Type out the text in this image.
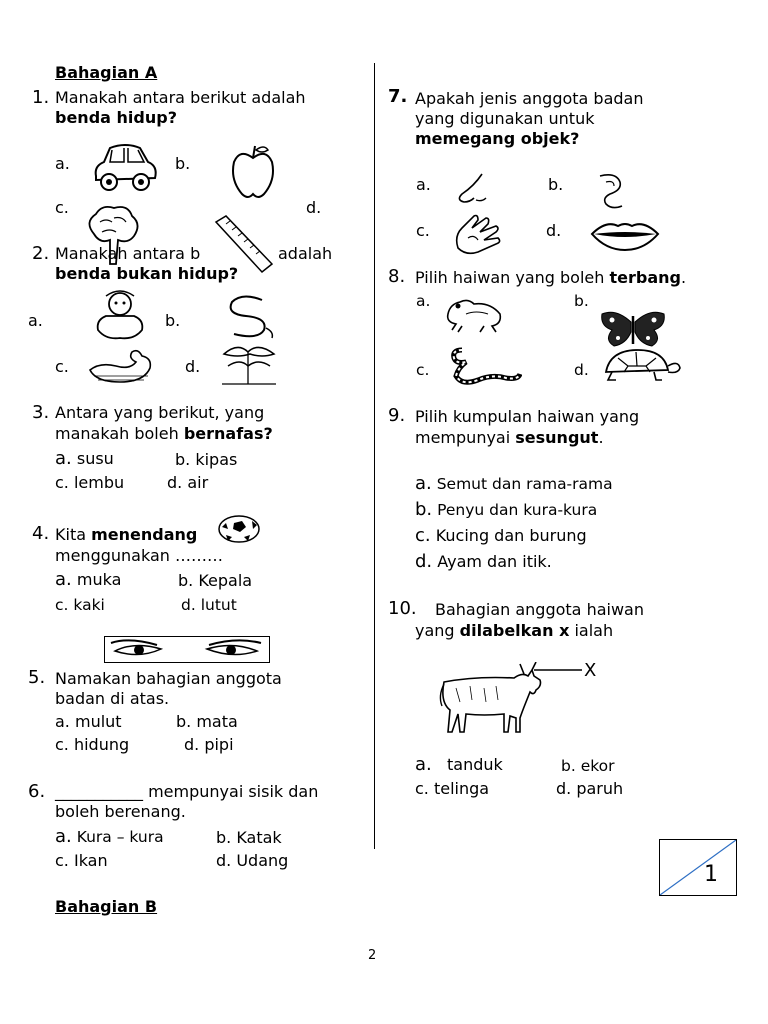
Bahagian A
1. Manakah antara berikut adalah
benda hidup?
a.	b.
c.	d.
2. Manakah antara b	adalah
benda bukan hidup?
a.	b.
c.	d.
3. Antara yang berikut, yang
manakah boleh bernafas?
a. susu	b. kipas
c. lembu	d. air
4. Kita menendang
menggunakan ………
a. muka	b. Kepala
c. kaki	d. lutut
5. Namakan bahagian anggota
badan di atas.
a. mulut	b. mata
c. hidung	d. pipi
6. ___________ mempunyai sisik dan
boleh berenang.
a. Kura – kura	b. Katak
c. Ikan	d. Udang
Bahagian B
7. Apakah jenis anggota badan
yang digunakan untuk
memegang objek?
a.	b.
c.	d.
8. Pilih haiwan yang boleh terbang.
a.	b.
c.	d.
9. Pilih kumpulan haiwan yang
mempunyai sesungut.
a. Semut dan rama-rama
b. Penyu dan kura-kura
c. Kucing dan burung
d. Ayam dan itik.
10. Bahagian anggota haiwan
yang dilabelkan x ialah
X
a. tanduk	b. ekor
c. telinga	d. paruh
1
2
